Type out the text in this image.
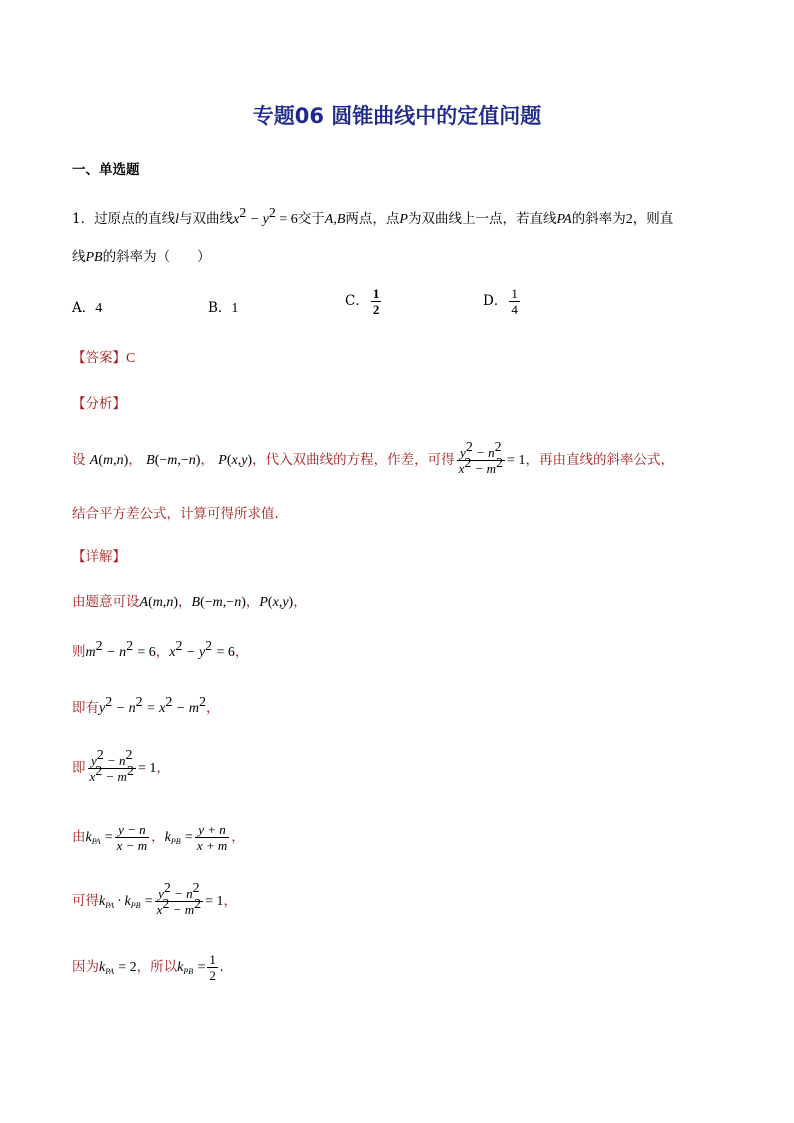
专题06 圆锥曲线中的定值问题
一、单选题
1．过原点的直线l与双曲线$x^2 - y^2 = 6$交于A,B两点，点P为双曲线上一点，若直线PA的斜率为2，则直
线PB的斜率为（　　）
A．4	B．1	C． $\frac{1}{2}$	D． $\frac{1}{4}$
【答案】C
【分析】
设 A(m,n)， B(−m,−n)， P(x,y)，代入双曲线的方程，作差，可得 $\frac{y^2 - n^2}{x^2 - m^2} = 1$，再由直线的斜率公式，
结合平方差公式，计算可得所求值.
【详解】
由题意可设A(m,n)，B(−m,−n)，P(x,y)，
则$m^2 - n^2 = 6$，$x^2 - y^2 = 6$，
即有$y^2 - n^2 = x^2 - m^2$，
即 $\frac{y^2 - n^2}{x^2 - m^2} = 1$，
由$k_{PA} = \frac{y - n}{x - m}$ ，$k_{PB} = \frac{y + n}{x + m}$ ，
可得$k_{PA} \cdot k_{PB} = \frac{y^2 - n^2}{x^2 - m^2} = 1$，
因为$k_{PA} = 2$，所以$k_{PB} = \frac{1}{2}$ .
